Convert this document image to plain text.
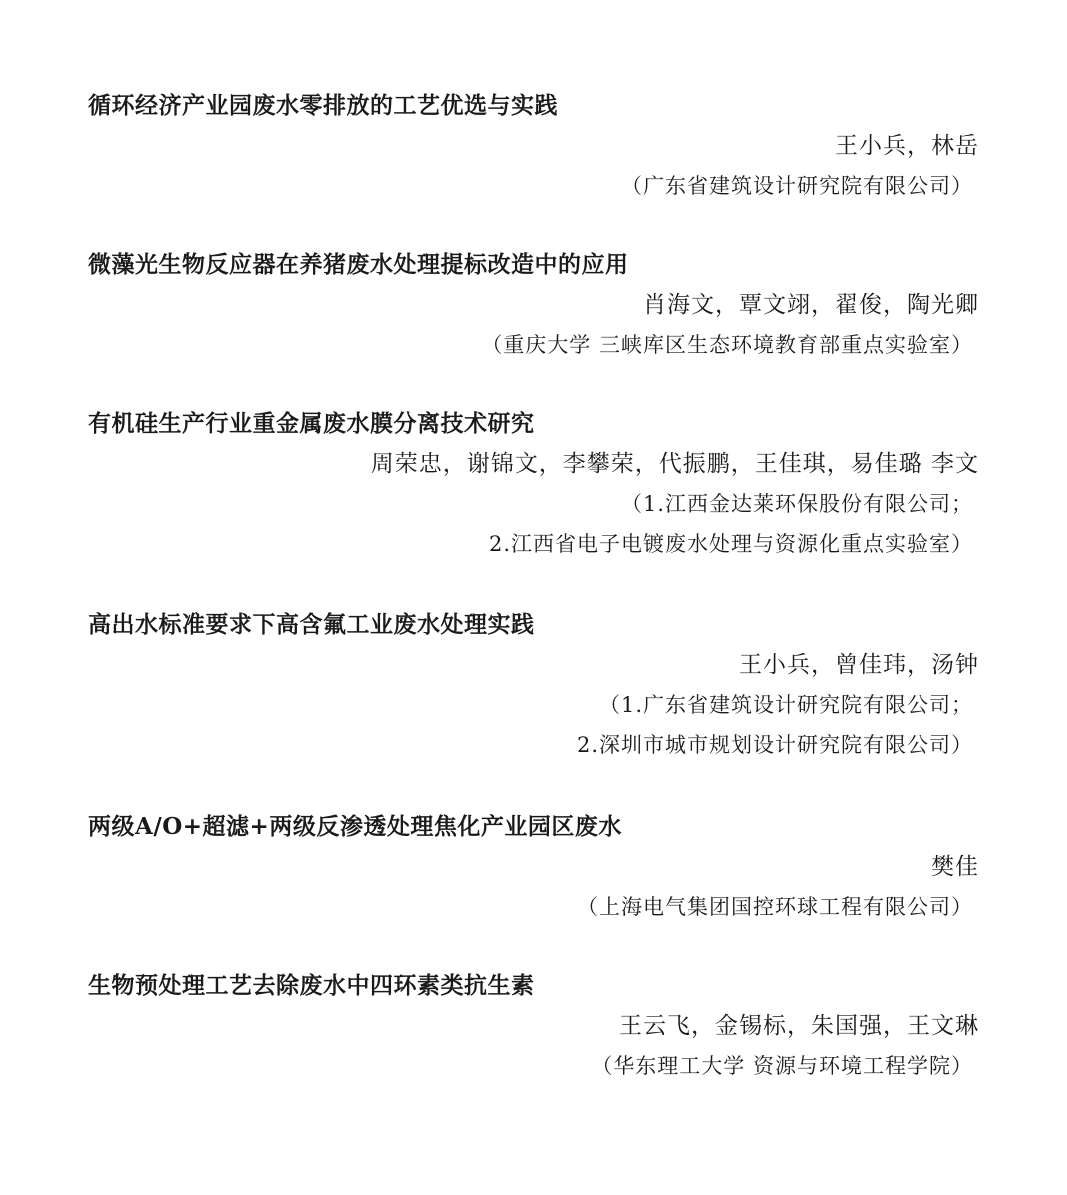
循环经济产业园废水零排放的工艺优选与实践

王小兵，林岳

（广东省建筑设计研究院有限公司）

微藻光生物反应器在养猪废水处理提标改造中的应用

肖海文，覃文翊，翟俊，陶光卿

（重庆大学 三峡库区生态环境教育部重点实验室）

有机硅生产行业重金属废水膜分离技术研究

周荣忠，谢锦文，李攀荣，代振鹏，王佳琪，易佳璐 李文

（1.江西金达莱环保股份有限公司；

2.江西省电子电镀废水处理与资源化重点实验室）

高出水标准要求下高含氟工业废水处理实践

王小兵，曾佳玮，汤钟

（1.广东省建筑设计研究院有限公司；

2.深圳市城市规划设计研究院有限公司）

两级A/O+超滤+两级反渗透处理焦化产业园区废水

樊佳

（上海电气集团国控环球工程有限公司）

生物预处理工艺去除废水中四环素类抗生素

王云飞，金锡标，朱国强，王文琳

（华东理工大学 资源与环境工程学院）
